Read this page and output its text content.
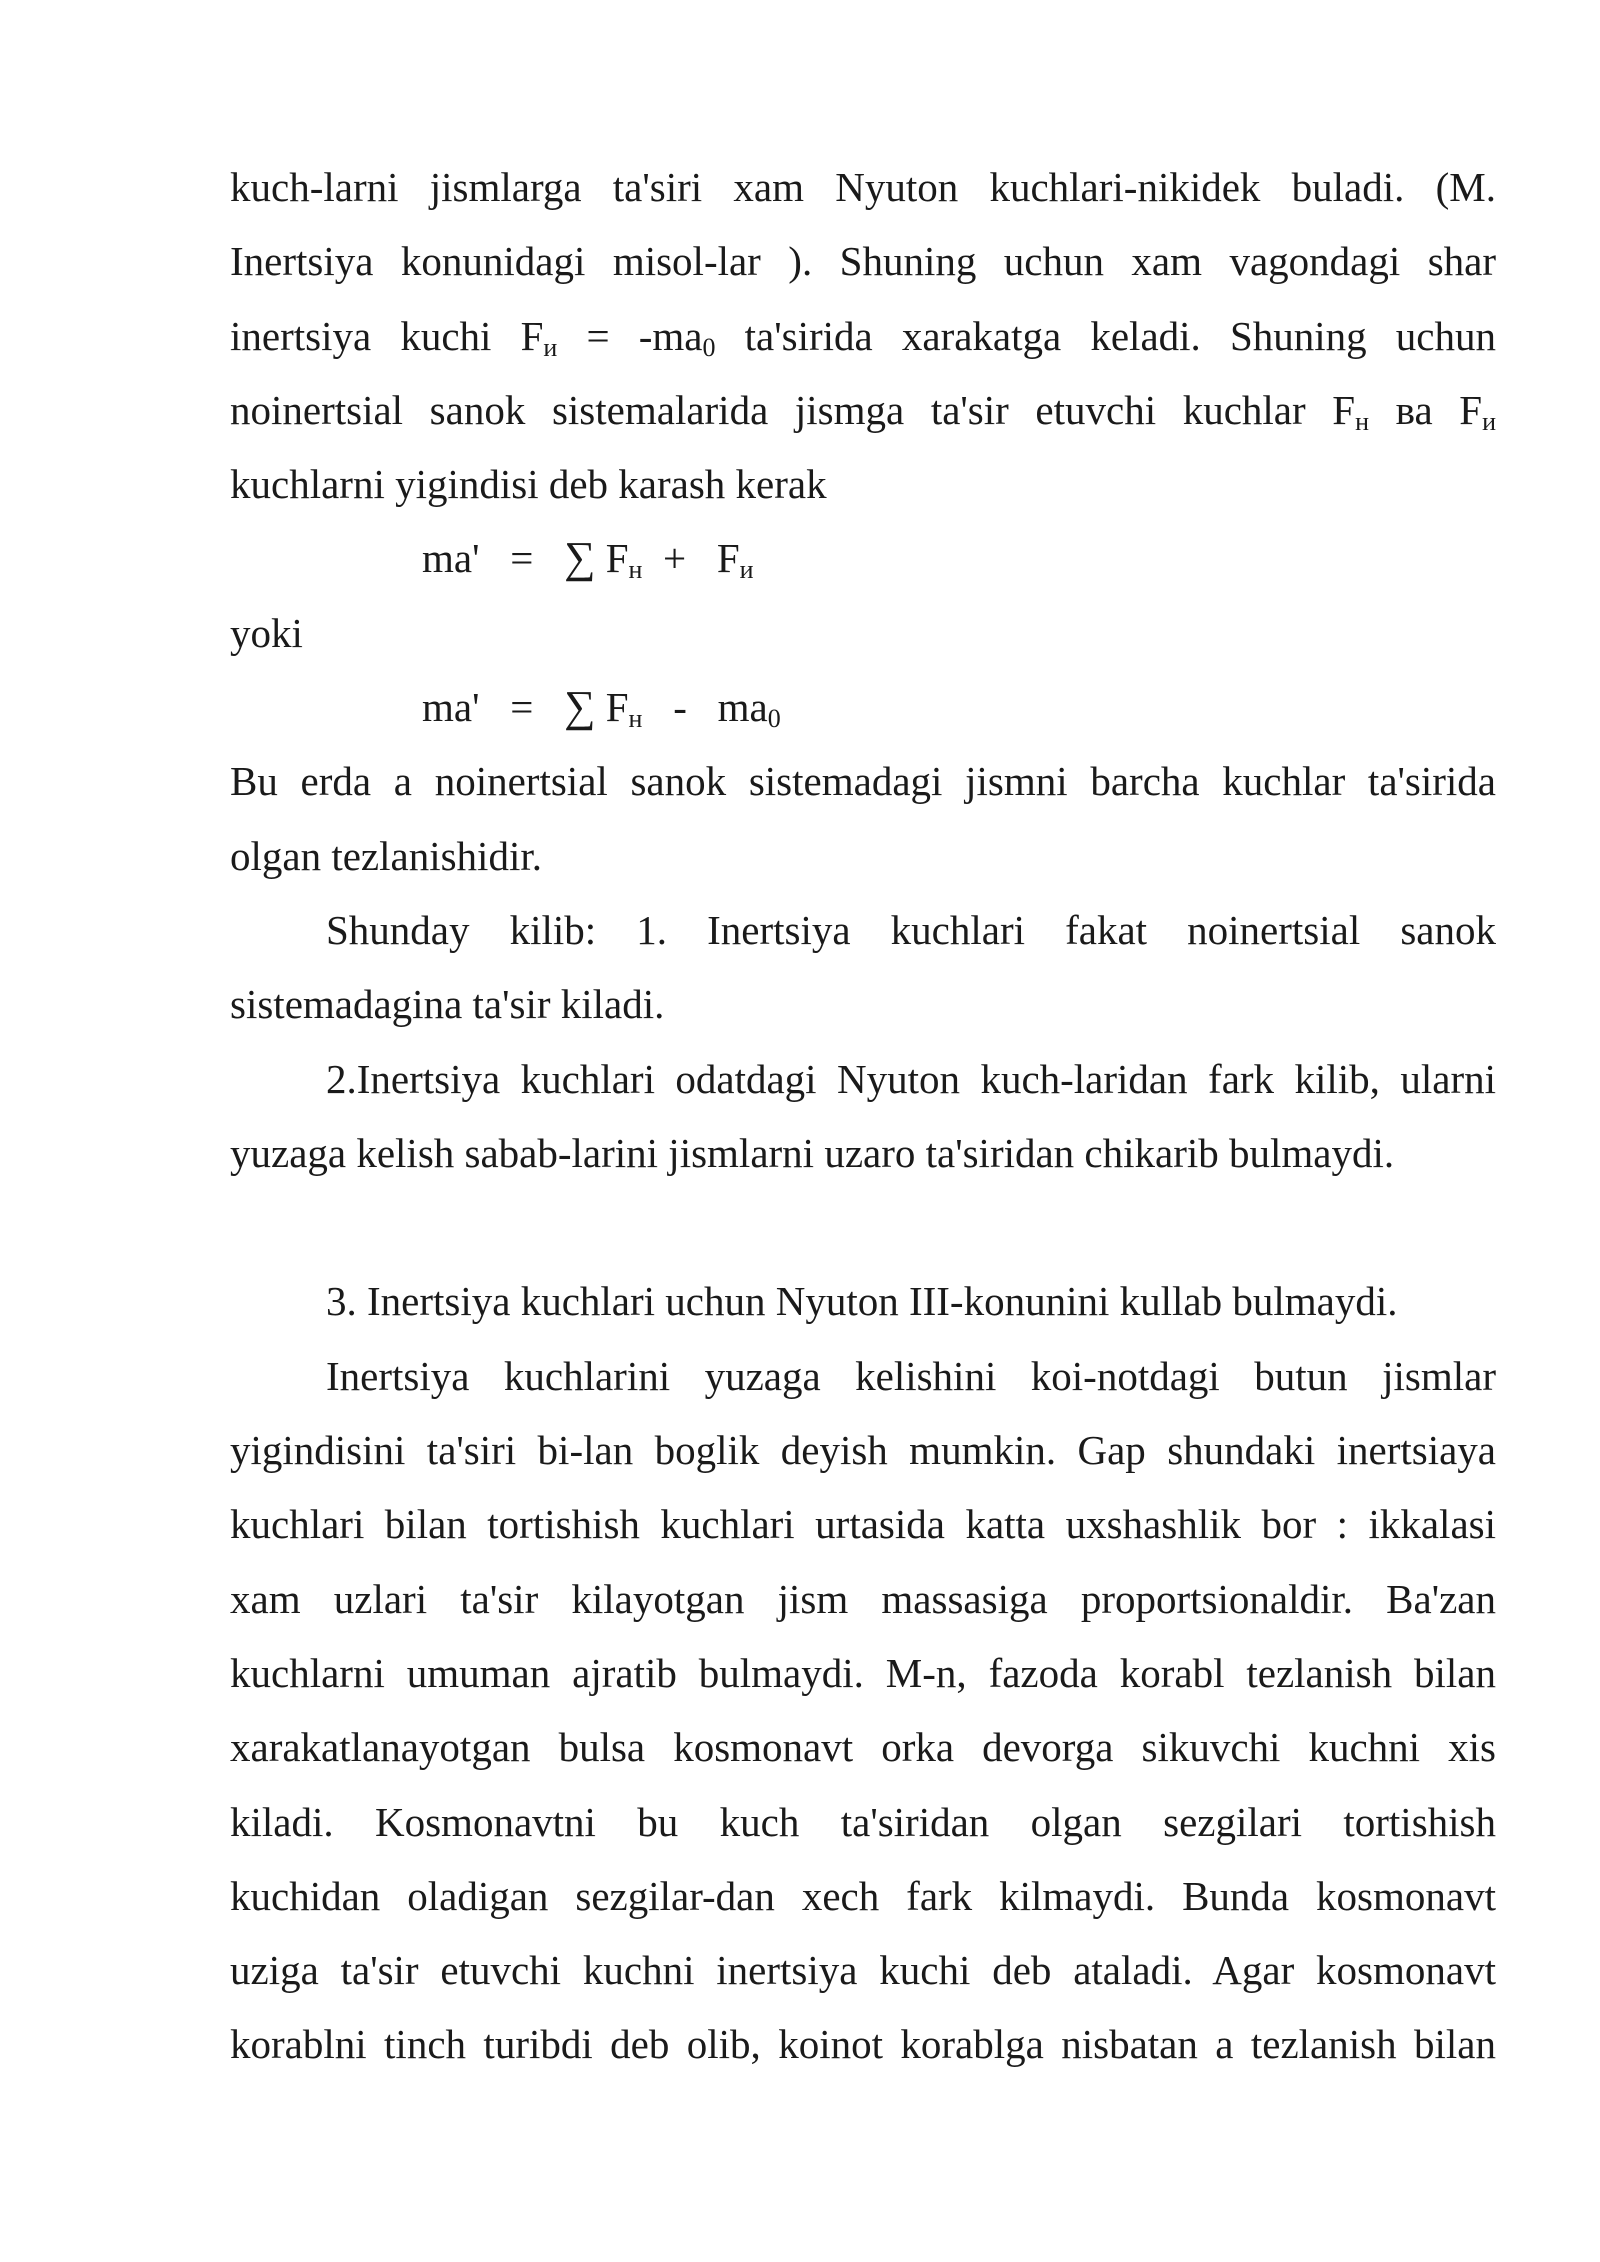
kuch-larni jismlarga ta'siri xam Nyuton kuchlari-nikidek buladi. (M.
Inertsiya konunidagi misol-lar ). Shuning uchun xam vagondagi shar
inertsiya kuchi $F_и = -ma_0$ ta'sirida xarakatga keladi. Shuning uchun
noinertsial sanok sistemalarida jismga ta'sir etuvchi kuchlar $F_н$ ва $F_и$
kuchlarni yigindisi deb karash kerak
ma'   =   ∑ $F_н + F_и$
yoki
ma'   =   ∑ $F_н - ma_0$
Bu erda a noinertsial sanok sistemadagi jismni barcha kuchlar ta'sirida
olgan tezlanishidir.
Shunday kilib: 1. Inertsiya kuchlari fakat noinertsial sanok
sistemadagina ta'sir kiladi.
2.Inertsiya kuchlari odatdagi Nyuton kuch-laridan fark kilib, ularni
yuzaga kelish sabab-larini jismlarni uzaro ta'siridan chikarib bulmaydi.
3. Inertsiya kuchlari uchun Nyuton III-konunini kullab bulmaydi.
Inertsiya kuchlarini yuzaga kelishini koi-notdagi butun jismlar
yigindisini ta'siri bi-lan boglik deyish mumkin. Gap shundaki inertsiaya
kuchlari bilan tortishish kuchlari urtasida katta uxshashlik bor : ikkalasi
xam uzlari ta'sir kilayotgan jism massasiga proportsionaldir. Ba'zan
kuchlarni umuman ajratib bulmaydi. M-n, fazoda korabl tezlanish bilan
xarakatlanayotgan bulsa kosmonavt orka devorga sikuvchi kuchni xis
kiladi. Kosmonavtni bu kuch ta'siridan olgan sezgilari tortishish
kuchidan oladigan sezgilar-dan xech fark kilmaydi. Bunda kosmonavt
uziga ta'sir etuvchi kuchni inertsiya kuchi deb ataladi. Agar kosmonavt
korablni tinch turibdi deb olib, koinot korablga nisbatan a tezlanish bilan
